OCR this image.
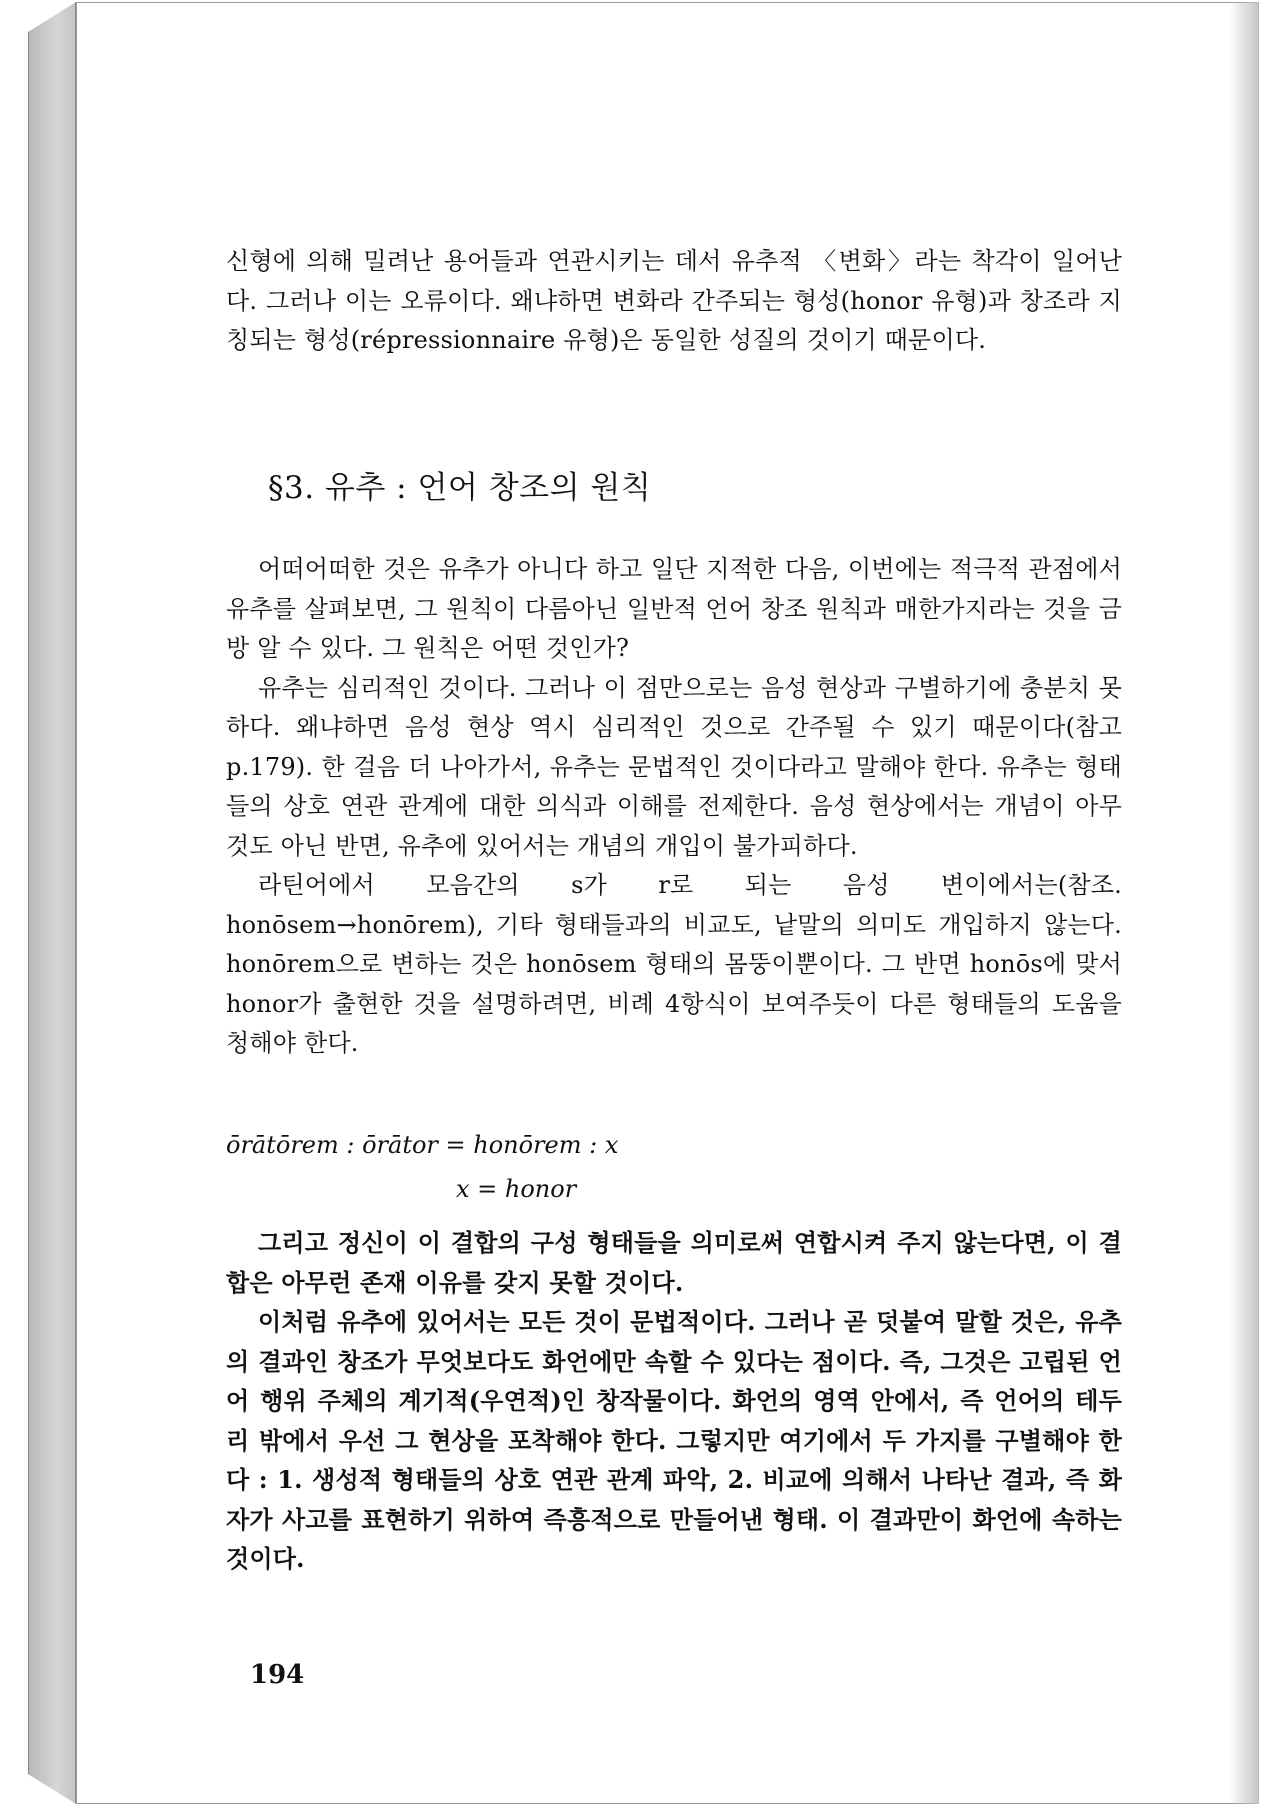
신형에 의해 밀려난 용어들과 연관시키는 데서 유추적 〈변화〉라는 착각이 일어난다. 그러나 이는 오류이다. 왜냐하면 변화라 간주되는 형성(honor 유형)과 창조라 지칭되는 형성(répressionnaire 유형)은 동일한 성질의 것이기 때문이다.

§3. 유추 : 언어 창조의 원칙

어떠어떠한 것은 유추가 아니다 하고 일단 지적한 다음, 이번에는 적극적 관점에서 유추를 살펴보면, 그 원칙이 다름아닌 일반적 언어 창조 원칙과 매한가지라는 것을 금방 알 수 있다. 그 원칙은 어떤 것인가?

유추는 심리적인 것이다. 그러나 이 점만으로는 음성 현상과 구별하기에 충분치 못하다. 왜냐하면 음성 현상 역시 심리적인 것으로 간주될 수 있기 때문이다(참고 p.179). 한 걸음 더 나아가서, 유추는 문법적인 것이다라고 말해야 한다. 유추는 형태들의 상호 연관 관계에 대한 의식과 이해를 전제한다. 음성 현상에서는 개념이 아무 것도 아닌 반면, 유추에 있어서는 개념의 개입이 불가피하다.

라틴어에서 모음간의 s가 r로 되는 음성 변이에서는(참조. honōsem→honōrem), 기타 형태들과의 비교도, 낱말의 의미도 개입하지 않는다. honōrem으로 변하는 것은 honōsem 형태의 몸뚱이뿐이다. 그 반면 honōs에 맞서 honor가 출현한 것을 설명하려면, 비례 4항식이 보여주듯이 다른 형태들의 도움을 청해야 한다.

ōrātōrem : ōrātor = honōrem : x
x = honor

그리고 정신이 이 결합의 구성 형태들을 의미로써 연합시켜 주지 않는다면, 이 결합은 아무런 존재 이유를 갖지 못할 것이다.

이처럼 유추에 있어서는 모든 것이 문법적이다. 그러나 곧 덧붙여 말할 것은, 유추의 결과인 창조가 무엇보다도 화언에만 속할 수 있다는 점이다. 즉, 그것은 고립된 언어 행위 주체의 계기적(우연적)인 창작물이다. 화언의 영역 안에서, 즉 언어의 테두리 밖에서 우선 그 현상을 포착해야 한다. 그렇지만 여기에서 두 가지를 구별해야 한다 : 1. 생성적 형태들의 상호 연관 관계 파악, 2. 비교에 의해서 나타난 결과, 즉 화자가 사고를 표현하기 위하여 즉흥적으로 만들어낸 형태. 이 결과만이 화언에 속하는 것이다.

194
